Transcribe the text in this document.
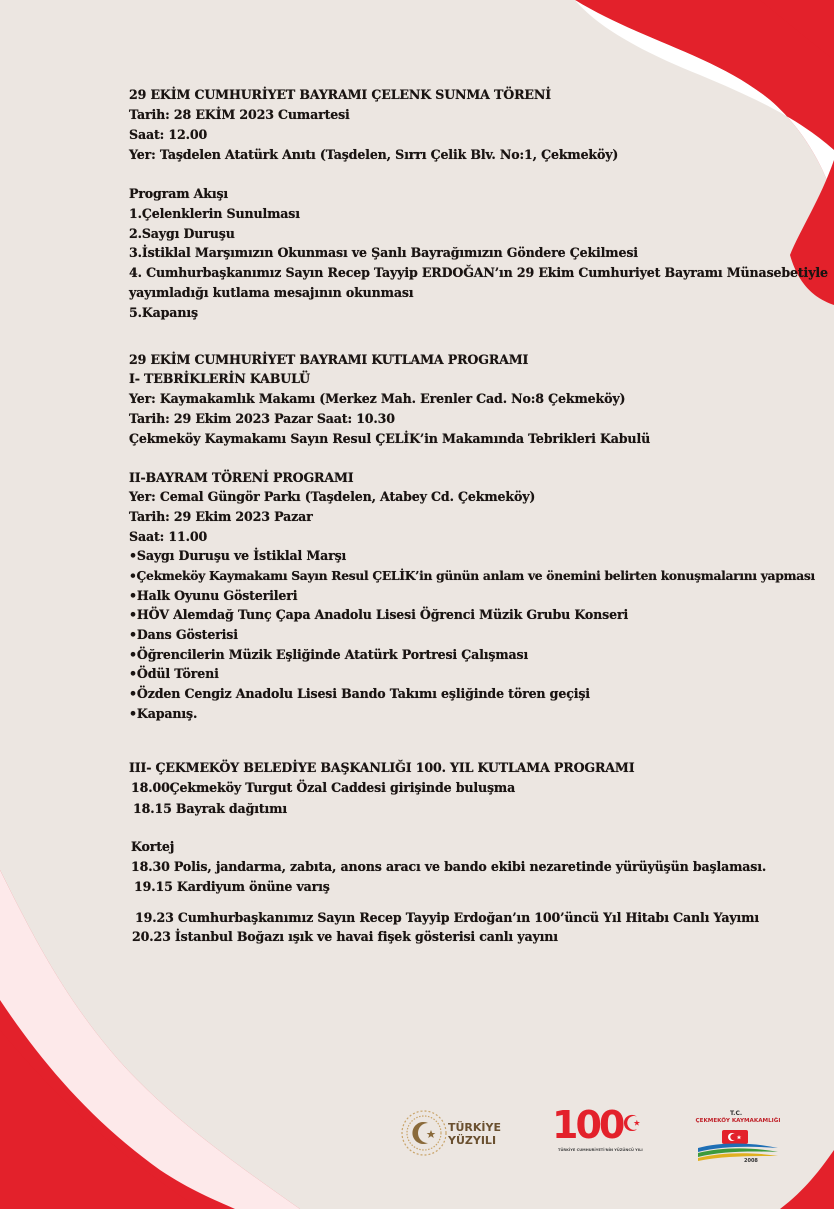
29 EKİM CUMHURİYET BAYRAMI ÇELENK SUNMA TÖRENİ
Tarih: 28 EKİM 2023 Cumartesi
Saat: 12.00
Yer: Taşdelen Atatürk Anıtı (Taşdelen, Sırrı Çelik Blv. No:1, Çekmeköy)
Program Akışı
1.Çelenklerin Sunulması
2.Saygı Duruşu
3.İstiklal Marşımızın Okunması ve Şanlı Bayrağımızın Göndere Çekilmesi
4. Cumhurbaşkanımız Sayın Recep Tayyip ERDOĞAN’ın 29 Ekim Cumhuriyet Bayramı Münasebetiyle
yayımladığı kutlama mesajının okunması
5.Kapanış
29 EKİM CUMHURİYET BAYRAMI KUTLAMA PROGRAMI
I- TEBRİKLERİN KABULÜ
Yer: Kaymakamlık Makamı (Merkez Mah. Erenler Cad. No:8 Çekmeköy)
Tarih: 29 Ekim 2023 Pazar Saat: 10.30
Çekmeköy Kaymakamı Sayın Resul ÇELİK’in Makamında Tebrikleri Kabulü
II-BAYRAM TÖRENİ PROGRAMI
Yer: Cemal Güngör Parkı (Taşdelen, Atabey Cd. Çekmeköy)
Tarih: 29 Ekim 2023 Pazar
Saat: 11.00
•Saygı Duruşu ve İstiklal Marşı
•Çekmeköy Kaymakamı Sayın Resul ÇELİK’in günün anlam ve önemini belirten konuşmalarını yapması
•Halk Oyunu Gösterileri
•HÖV Alemdağ Tunç Çapa Anadolu Lisesi Öğrenci Müzik Grubu Konseri
•Dans Gösterisi
•Öğrencilerin Müzik Eşliğinde Atatürk Portresi Çalışması
•Ödül Töreni
•Özden Cengiz Anadolu Lisesi Bando Takımı eşliğinde tören geçişi
•Kapanış.
III- ÇEKMEKÖY BELEDİYE BAŞKANLIĞI 100. YIL KUTLAMA PROGRAMI
18.00Çekmeköy Turgut Özal Caddesi girişinde buluşma
18.15 Bayrak dağıtımı
Kortej
18.30 Polis, jandarma, zabıta, anons aracı ve bando ekibi nezaretinde yürüyüşün başlaması.
19.15 Kardiyum önüne varış
19.23 Cumhurbaşkanımız Sayın Recep Tayyip Erdoğan’ın 100’üncü Yıl Hitabı Canlı Yayımı
20.23 İstanbul Boğazı ışık ve havai fişek gösterisi canlı yayını
TÜRKİYE
YÜZYILI 100 ☪
TÜRKİYE CUMHURİYETİ'NİN YÜZÜNCÜ YILI
T.C.
ÇEKMEKÖY KAYMAKAMLIĞI
2008
